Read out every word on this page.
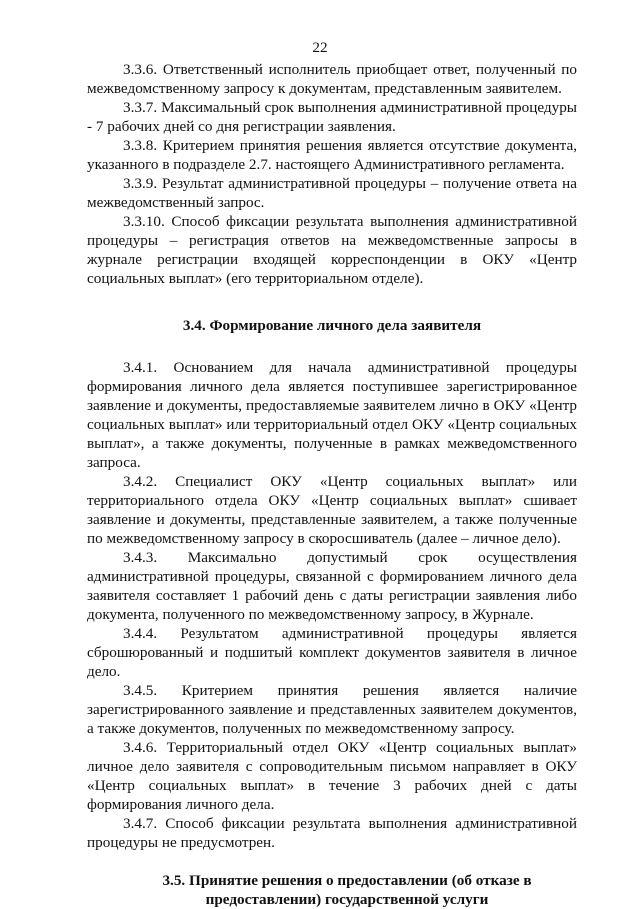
22

3.3.6. Ответственный исполнитель приобщает ответ, полученный по межведомственному запросу к документам, представленным заявителем.

3.3.7. Максимальный срок выполнения административной процедуры - 7 рабочих дней со дня регистрации заявления.

3.3.8. Критерием принятия решения является отсутствие документа, указанного в подразделе 2.7. настоящего Административного регламента.

3.3.9. Результат административной процедуры – получение ответа на межведомственный запрос.

3.3.10. Способ фиксации результата выполнения административной процедуры – регистрация ответов на межведомственные запросы в журнале регистрации входящей корреспонденции в ОКУ «Центр социальных выплат» (его территориальном отделе).

3.4. Формирование личного дела заявителя

3.4.1. Основанием для начала административной процедуры формирования личного дела является поступившее зарегистрированное заявление и документы, предоставляемые заявителем лично в ОКУ «Центр социальных выплат» или территориальный отдел ОКУ «Центр социальных выплат», а также документы, полученные в рамках межведомственного запроса.

3.4.2. Специалист ОКУ «Центр социальных выплат» или территориального отдела ОКУ «Центр социальных выплат» сшивает заявление и документы, представленные заявителем, а также полученные по межведомственному запросу в скоросшиватель (далее – личное дело).

3.4.3. Максимально допустимый срок осуществления административной процедуры, связанной с формированием личного дела заявителя составляет 1 рабочий день с даты регистрации заявления либо документа, полученного по межведомственному запросу, в Журнале.

3.4.4. Результатом административной процедуры является сброшюрованный и подшитый комплект документов заявителя в личное дело.

3.4.5. Критерием принятия решения является наличие зарегистрированного заявление и представленных заявителем документов, а также документов, полученных по межведомственному запросу.

3.4.6. Территориальный отдел ОКУ «Центр социальных выплат» личное дело заявителя с сопроводительным письмом направляет в ОКУ «Центр социальных выплат» в течение 3 рабочих дней с даты формирования личного дела.

3.4.7. Способ фиксации результата выполнения административной процедуры не предусмотрен.

3.5. Принятие решения о предоставлении (об отказе в
предоставлении) государственной услуги
